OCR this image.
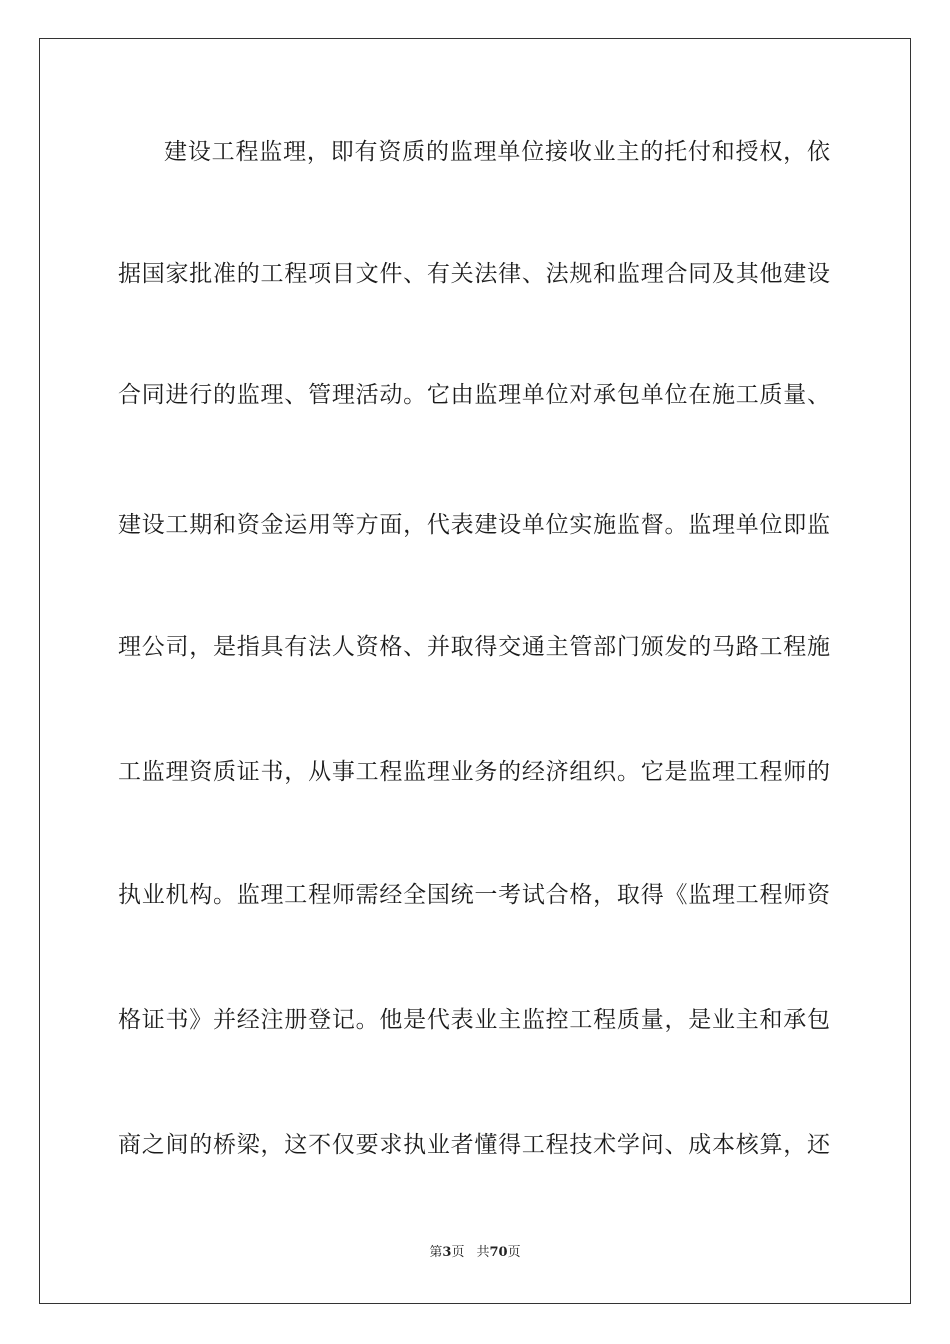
建设工程监理，即有资质的监理单位接收业主的托付和授权，依
据国家批准的工程项目文件、有关法律、法规和监理合同及其他建设
合同进行的监理、管理活动。它由监理单位对承包单位在施工质量、
建设工期和资金运用等方面，代表建设单位实施监督。监理单位即监
理公司，是指具有法人资格、并取得交通主管部门颁发的马路工程施
工监理资质证书，从事工程监理业务的经济组织。它是监理工程师的
执业机构。监理工程师需经全国统一考试合格，取得《监理工程师资
格证书》并经注册登记。他是代表业主监控工程质量，是业主和承包
商之间的桥梁，这不仅要求执业者懂得工程技术学问、成本核算，还
第3页 共70页
